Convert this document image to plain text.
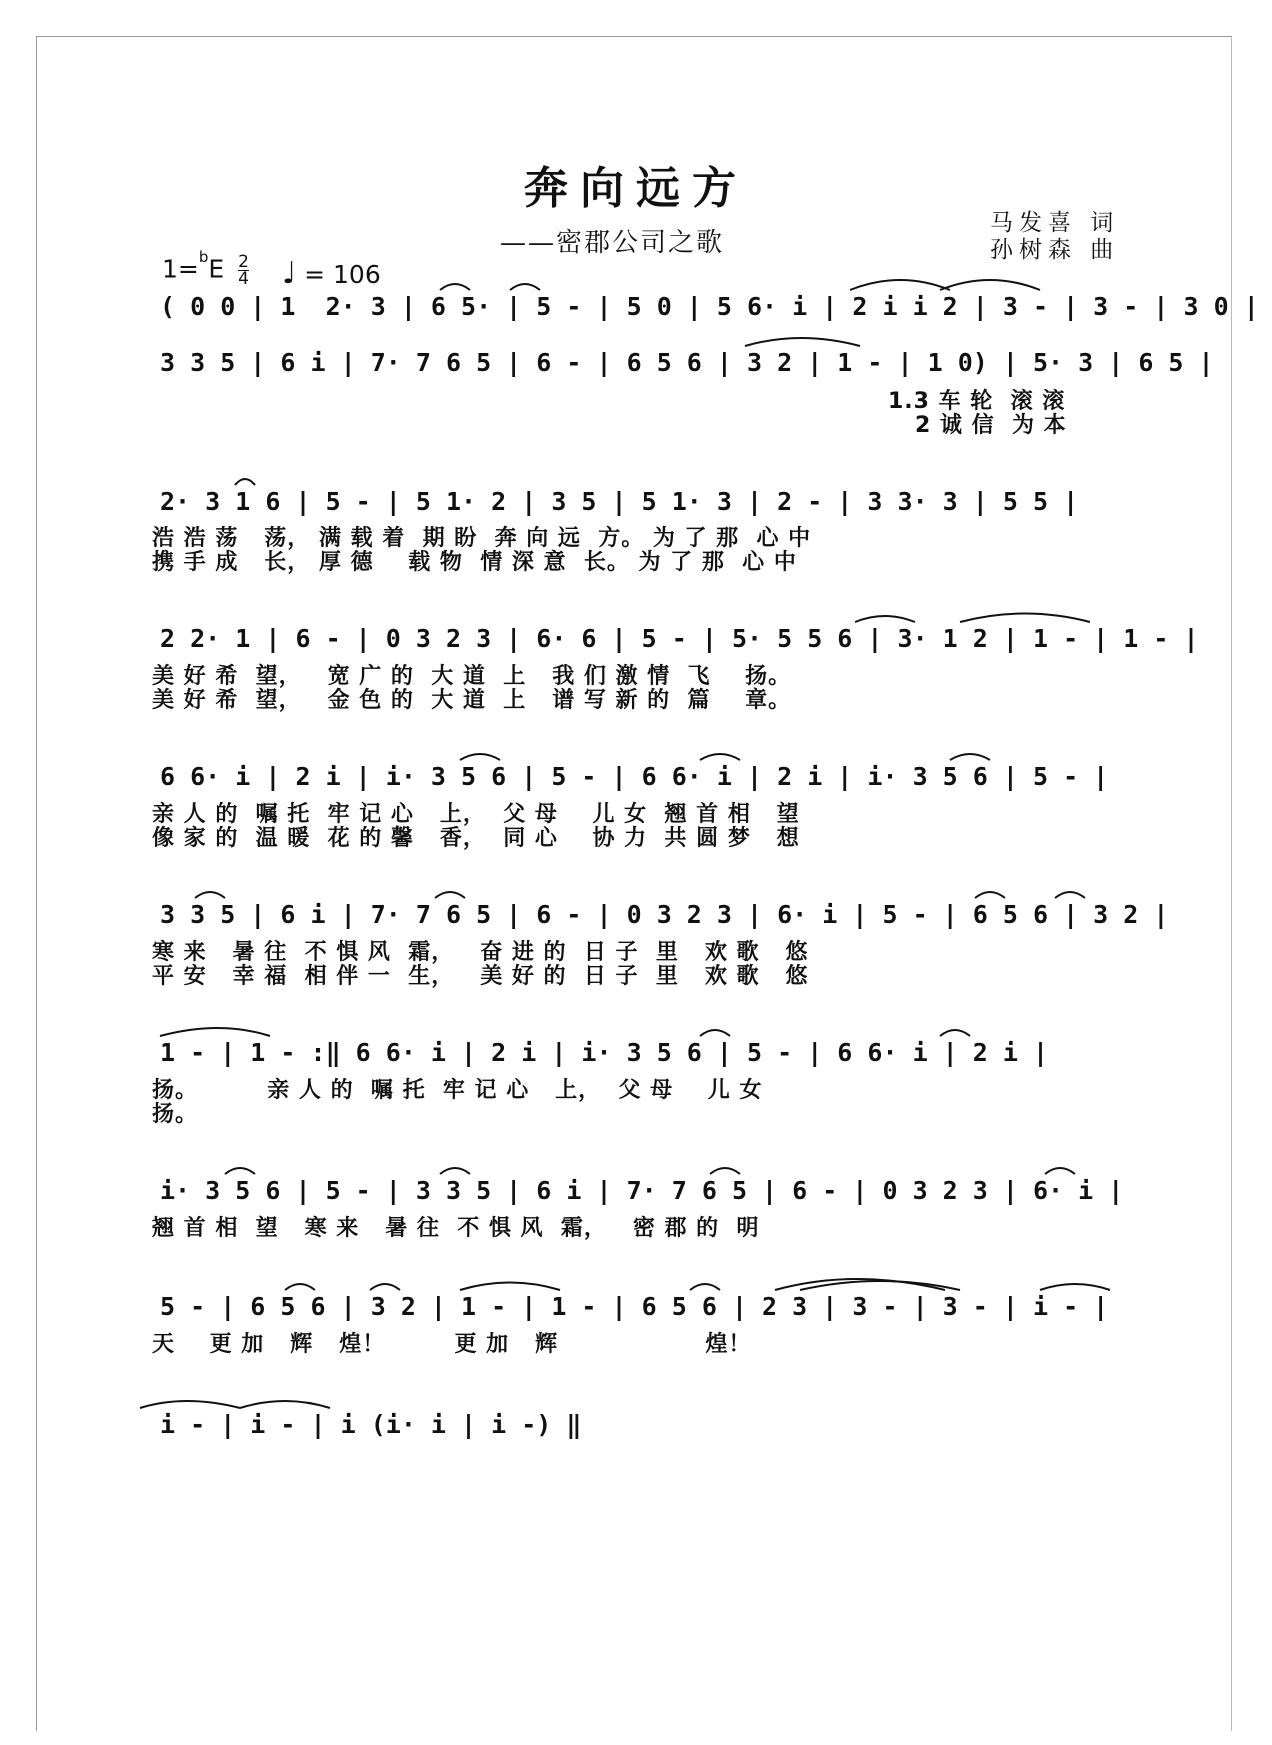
奔向远方
——密郡公司之歌
马发喜 词
孙树森 曲
$1=^bE \frac{2}{4}$ ♩ = 106
( 0 0 | 1  2· 3 | 6 5· | 5 - | 5 0 | 5 6· i | 2 i i 2 | 3 - | 3 - | 3 0 |
3 3 5 | 6 i | 7· 7 6 5 | 6 - | 6 5 6 | 3 2 | 1 - | 1 0) | 5· 3 | 6 5 |
1.3 车 轮  滚 滚
2 诚 信  为 本
2· 3 1 6 | 5 - | 5 1· 2 | 3 5 | 5 1· 3 | 2 - | 3 3· 3 | 5 5 |
浩 浩 荡   荡， 满 载 着  期 盼  奔 向 远  方。 为 了 那  心 中
携 手 成   长， 厚 德    载 物  情 深 意  长。 为 了 那  心 中
2 2· 1 | 6 - | 0 3 2 3 | 6· 6 | 5 - | 5· 5 5 6 | 3· 1 2 | 1 - | 1 - |
美 好 希  望，   宽 广 的  大 道  上   我 们 激 情  飞    扬。
美 好 希  望，   金 色 的  大 道  上   谱 写 新 的  篇    章。
6 6· i | 2 i | i· 3 5 6 | 5 - | 6 6· i | 2 i | i· 3 5 6 | 5 - |
亲 人 的  嘱 托  牢 记 心   上，  父 母    儿 女  翘 首 相   望
像 家 的  温 暖  花 的 馨   香，  同 心    协 力  共 圆 梦   想
3 3 5 | 6 i | 7· 7 6 5 | 6 - | 0 3 2 3 | 6· i | 5 - | 6 5 6 | 3 2 |
寒 来   暑 往  不 惧 风  霜，   奋 进 的  日 子  里   欢 歌   悠
平 安   幸 福  相 伴 一  生，   美 好 的  日 子  里   欢 歌   悠
1 - | 1 - :‖ 6 6· i | 2 i | i· 3 5 6 | 5 - | 6 6· i | 2 i |
扬。        亲 人 的  嘱 托  牢 记 心   上，  父 母    儿 女
扬。
i· 3 5 6 | 5 - | 3 3 5 | 6 i | 7· 7 6 5 | 6 - | 0 3 2 3 | 6· i |
翘 首 相  望   寒 来   暑 往  不 惧 风  霜，   密 郡 的  明
5 - | 6 5 6 | 3 2 | 1 - | 1 - | 6 5 6 | 2 3 | 3 - | 3 - | i - |
天    更 加   辉   煌！        更 加   辉                 煌！
i - | i - | i (i· i | i -) ‖
